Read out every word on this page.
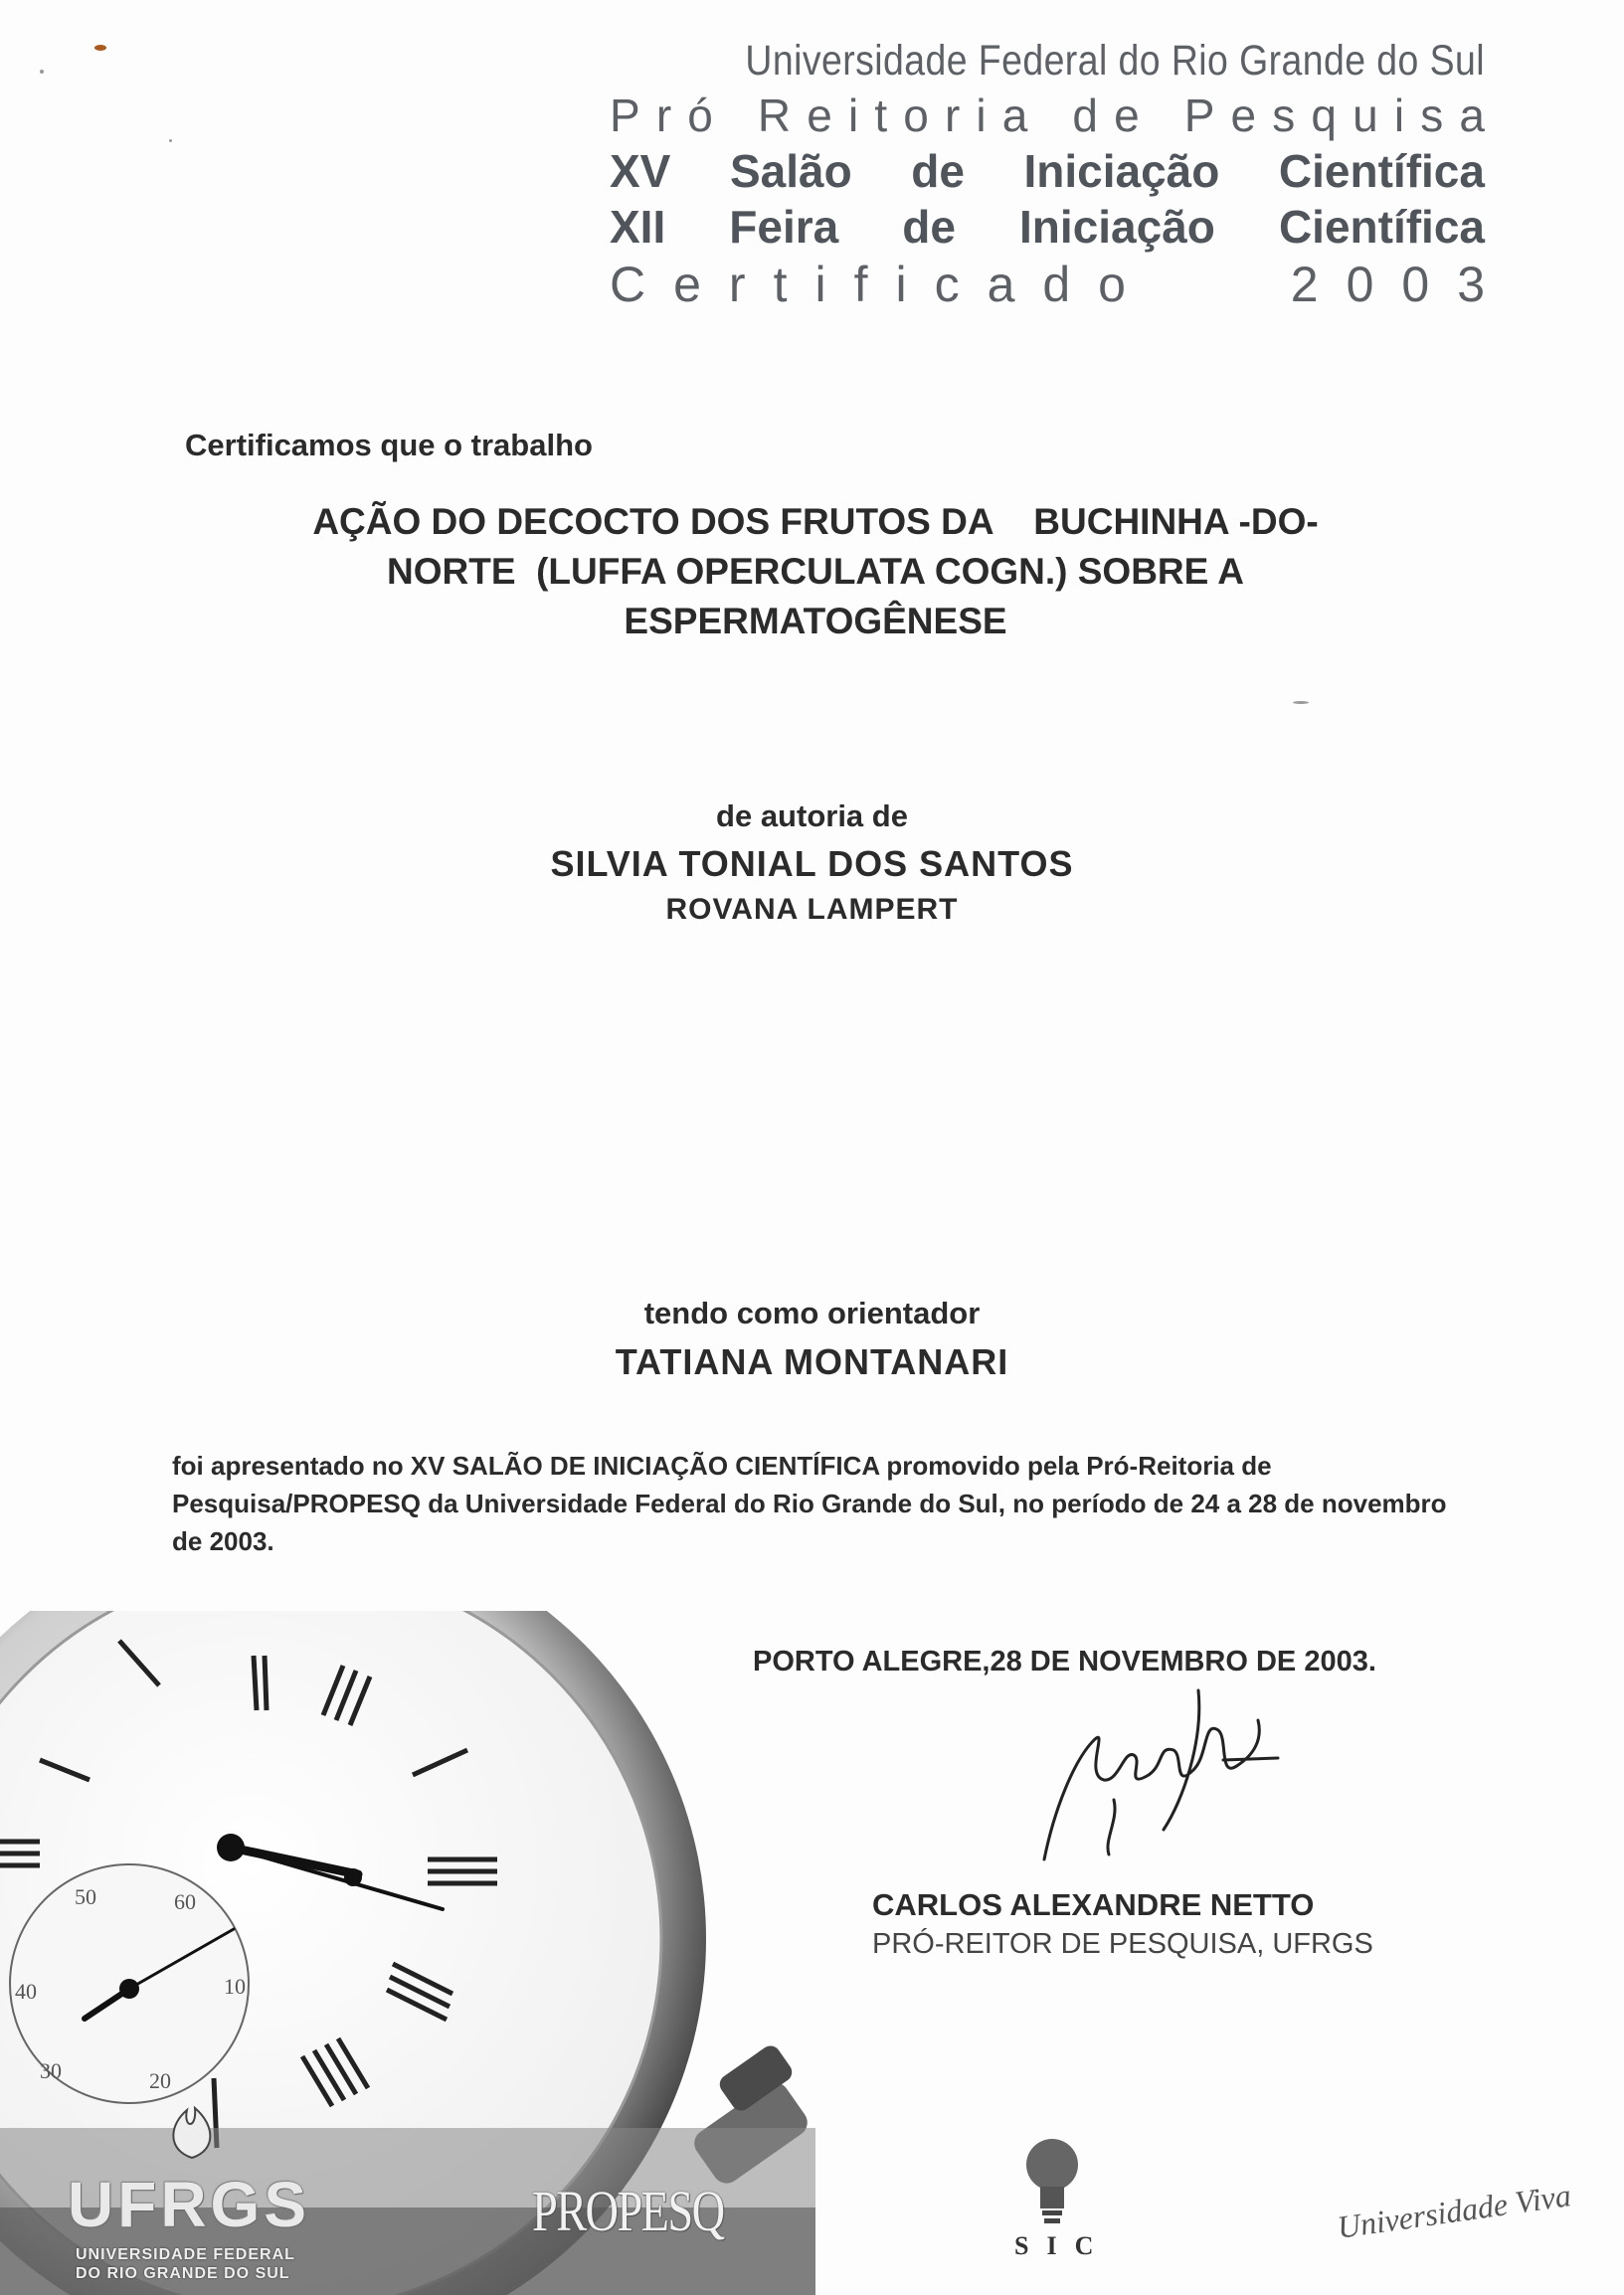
Universidade Federal do Rio Grande do Sul
P r ó
R e i t o r i a
d e
P e s q u i s a
XV Salão de Iniciação Científica
XII Feira de Iniciação Científica
Certificado	2003
Certificamos que o trabalho
AÇÃO DO DECOCTO DOS FRUTOS DA    BUCHINHA -DO-
NORTE  (LUFFA OPERCULATA COGN.) SOBRE A
ESPERMATOGÊNESE
de autoria de
SILVIA TONIAL DOS SANTOS
ROVANA LAMPERT
tendo como orientador
TATIANA MONTANARI
foi apresentado no XV SALÃO DE INICIAÇÃO CIENTÍFICA promovido pela Pró-Reitoria de Pesquisa/PROPESQ da Universidade Federal do Rio Grande do Sul, no período de 24 a 28 de novembro de 2003.
50	60
10
20
30
40
UFRGS
UNIVERSIDADE FEDERAL
DO RIO GRANDE DO SUL
PROPESQ
SIC
Universidade Viva
PORTO ALEGRE,28 DE NOVEMBRO DE 2003.
CARLOS ALEXANDRE NETTO
PRÓ-REITOR DE PESQUISA, UFRGS
